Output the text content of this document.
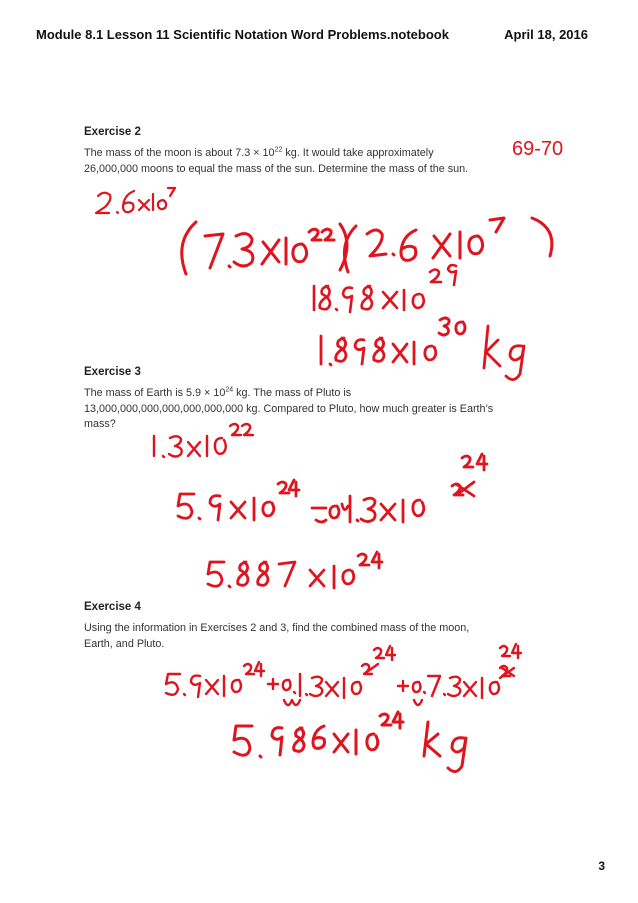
Module 8.1 Lesson 11 Scientific Notation Word Problems.notebook	April 18, 2016
Exercise 2
The mass of the moon is about $7.3 \times 10^{22}$ kg. It would take approximately
26,000,000 moons to equal the mass of the sun. Determine the mass of the sun.
69-70
Exercise 3
The mass of Earth is $5.9 \times 10^{24}$ kg. The mass of Pluto is
13,000,000,000,000,000,000,000 kg. Compared to Pluto, how much greater is Earth’s
mass?
Exercise 4
Using the information in Exercises 2 and 3, find the combined mass of the moon,
Earth, and Pluto.
3
